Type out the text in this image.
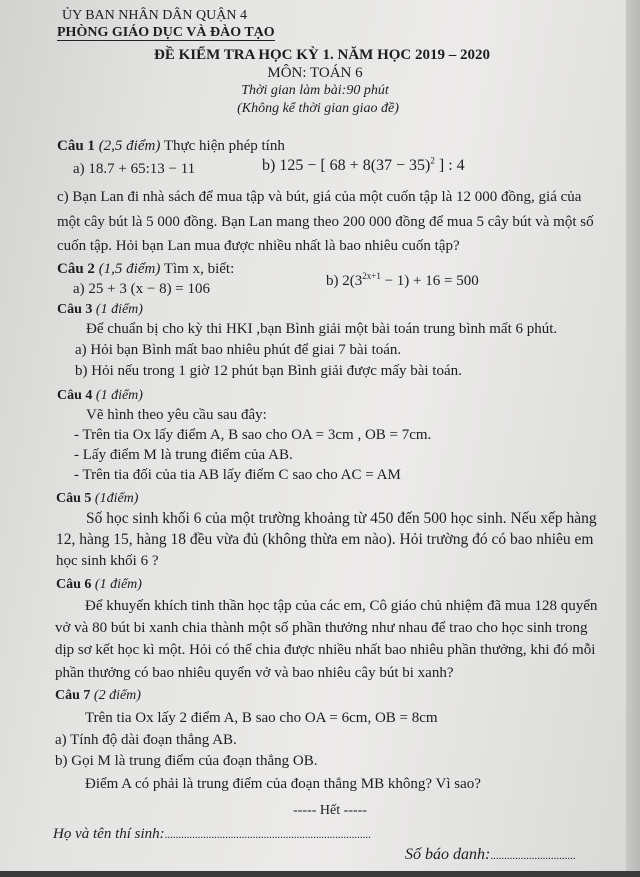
ỦY BAN NHÂN DÂN QUẬN 4
PHÒNG GIÁO DỤC VÀ ĐÀO TẠO
ĐỀ KIỂM TRA HỌC KỲ 1. NĂM HỌC 2019 – 2020
MÔN: TOÁN 6
Thời gian làm bài:90 phút
(Không kể thời gian giao đề)
Câu 1 (2,5 điểm) Thực hiện phép tính
a) 18.7 + 65:13 − 11	b) 125 − [ $68 + 8(37 - 35)^2$ ] : 4
c) Bạn Lan đi nhà sách để mua tập và bút, giá của một cuốn tập là 12 000 đồng, giá của
một cây bút là 5 000 đồng. Bạn Lan mang theo 200 000 đồng để mua 5 cây bút và một số
cuốn tập. Hỏi bạn Lan mua được nhiều nhất là bao nhiêu cuốn tập?
Câu 2 (1,5 điểm) Tìm x, biết:
a) 25 + 3 (x − 8) = 106	b) $2(3^{2x+1} - 1) + 16 = 500$
Câu 3 (1 điểm)
Để chuẩn bị cho kỳ thi HKI ,bạn Bình giải một bài toán trung bình mất 6 phút.
a) Hỏi bạn Bình mất bao nhiêu phút để giai 7 bài toán.
b) Hỏi nếu trong 1 giờ 12 phút bạn Bình giải được mấy bài toán.
Câu 4 (1 điểm)
Vẽ hình theo yêu cầu sau đây:
- Trên tia Ox lấy điểm A, B sao cho OA = 3cm , OB = 7cm.
- Lấy điểm M là trung điểm của AB.
- Trên tia đối của tia AB lấy điểm C sao cho AC = AM
Câu 5 (1điểm)
Số học sinh khối 6 của một trường khoảng từ 450 đến 500 học sinh. Nếu xếp hàng
12, hàng 15, hàng 18 đều vừa đủ (không thừa em nào). Hỏi trường đó có bao nhiêu em
học sinh khối 6 ?
Câu 6 (1 điểm)
Để khuyến khích tinh thần học tập của các em, Cô giáo chủ nhiệm đã mua 128 quyển
vở và 80 bút bi xanh chia thành một số phần thưởng như nhau để trao cho học sinh trong
dịp sơ kết học kì một. Hỏi có thể chia được nhiều nhất bao nhiêu phần thưởng, khi đó mỗi
phần thưởng có bao nhiêu quyển vở và bao nhiêu cây bút bi xanh?
Câu 7 (2 điểm)
Trên tia Ox lấy 2 điểm A, B sao cho OA = 6cm, OB = 8cm
a) Tính độ dài đoạn thẳng AB.
b) Gọi M là trung điểm của đoạn thẳng OB.
Điểm A có phải là trung điểm của đoạn thẳng MB không? Vì sao?
----- Hết -----
Họ và tên thí sinh:...........................................................................
Số báo danh:...............................
